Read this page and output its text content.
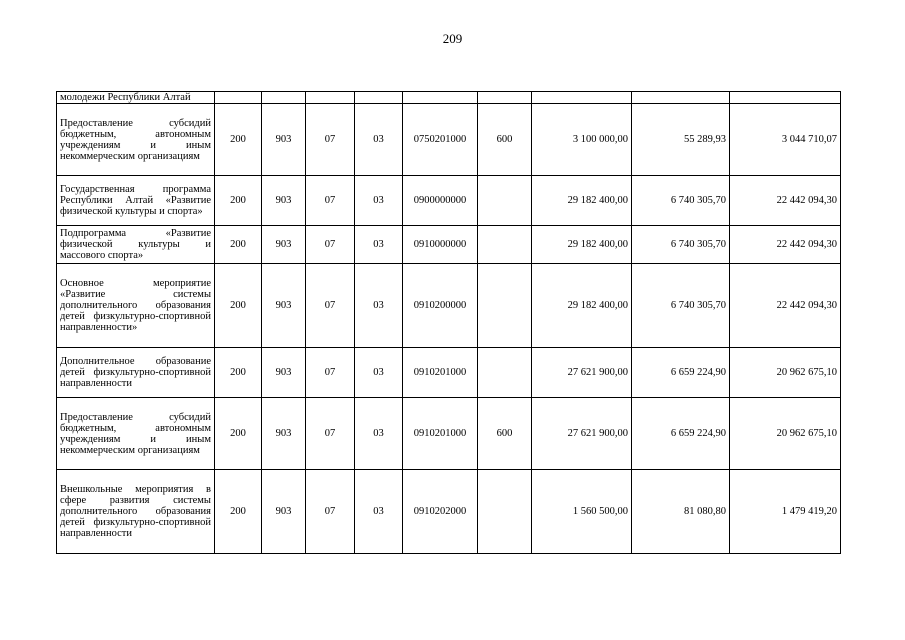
209
молодежи Республики Алтай									
Предоставление субсидий бюджетным, автономным учреждениям и иным некоммерческим организациям	200	903	07	03	0750201000	600	3 100 000,00	55 289,93	3 044 710,07
Государственная программа Республики Алтай «Развитие физической культуры и спорта»	200	903	07	03	0900000000		29 182 400,00	6 740 305,70	22 442 094,30
Подпрограмма «Развитие физической культуры и массового спорта»	200	903	07	03	0910000000		29 182 400,00	6 740 305,70	22 442 094,30
Основное мероприятие «Развитие системы дополнительного образования детей физкультурно-спортивной направленности»	200	903	07	03	0910200000		29 182 400,00	6 740 305,70	22 442 094,30
Дополнительное образование детей физкультурно-спортивной направленности	200	903	07	03	0910201000		27 621 900,00	6 659 224,90	20 962 675,10
Предоставление субсидий бюджетным, автономным учреждениям и иным некоммерческим организациям	200	903	07	03	0910201000	600	27 621 900,00	6 659 224,90	20 962 675,10
Внешкольные мероприятия в сфере развития системы дополнительного образования детей физкультурно-спортивной направленности	200	903	07	03	0910202000		1 560 500,00	81 080,80	1 479 419,20
